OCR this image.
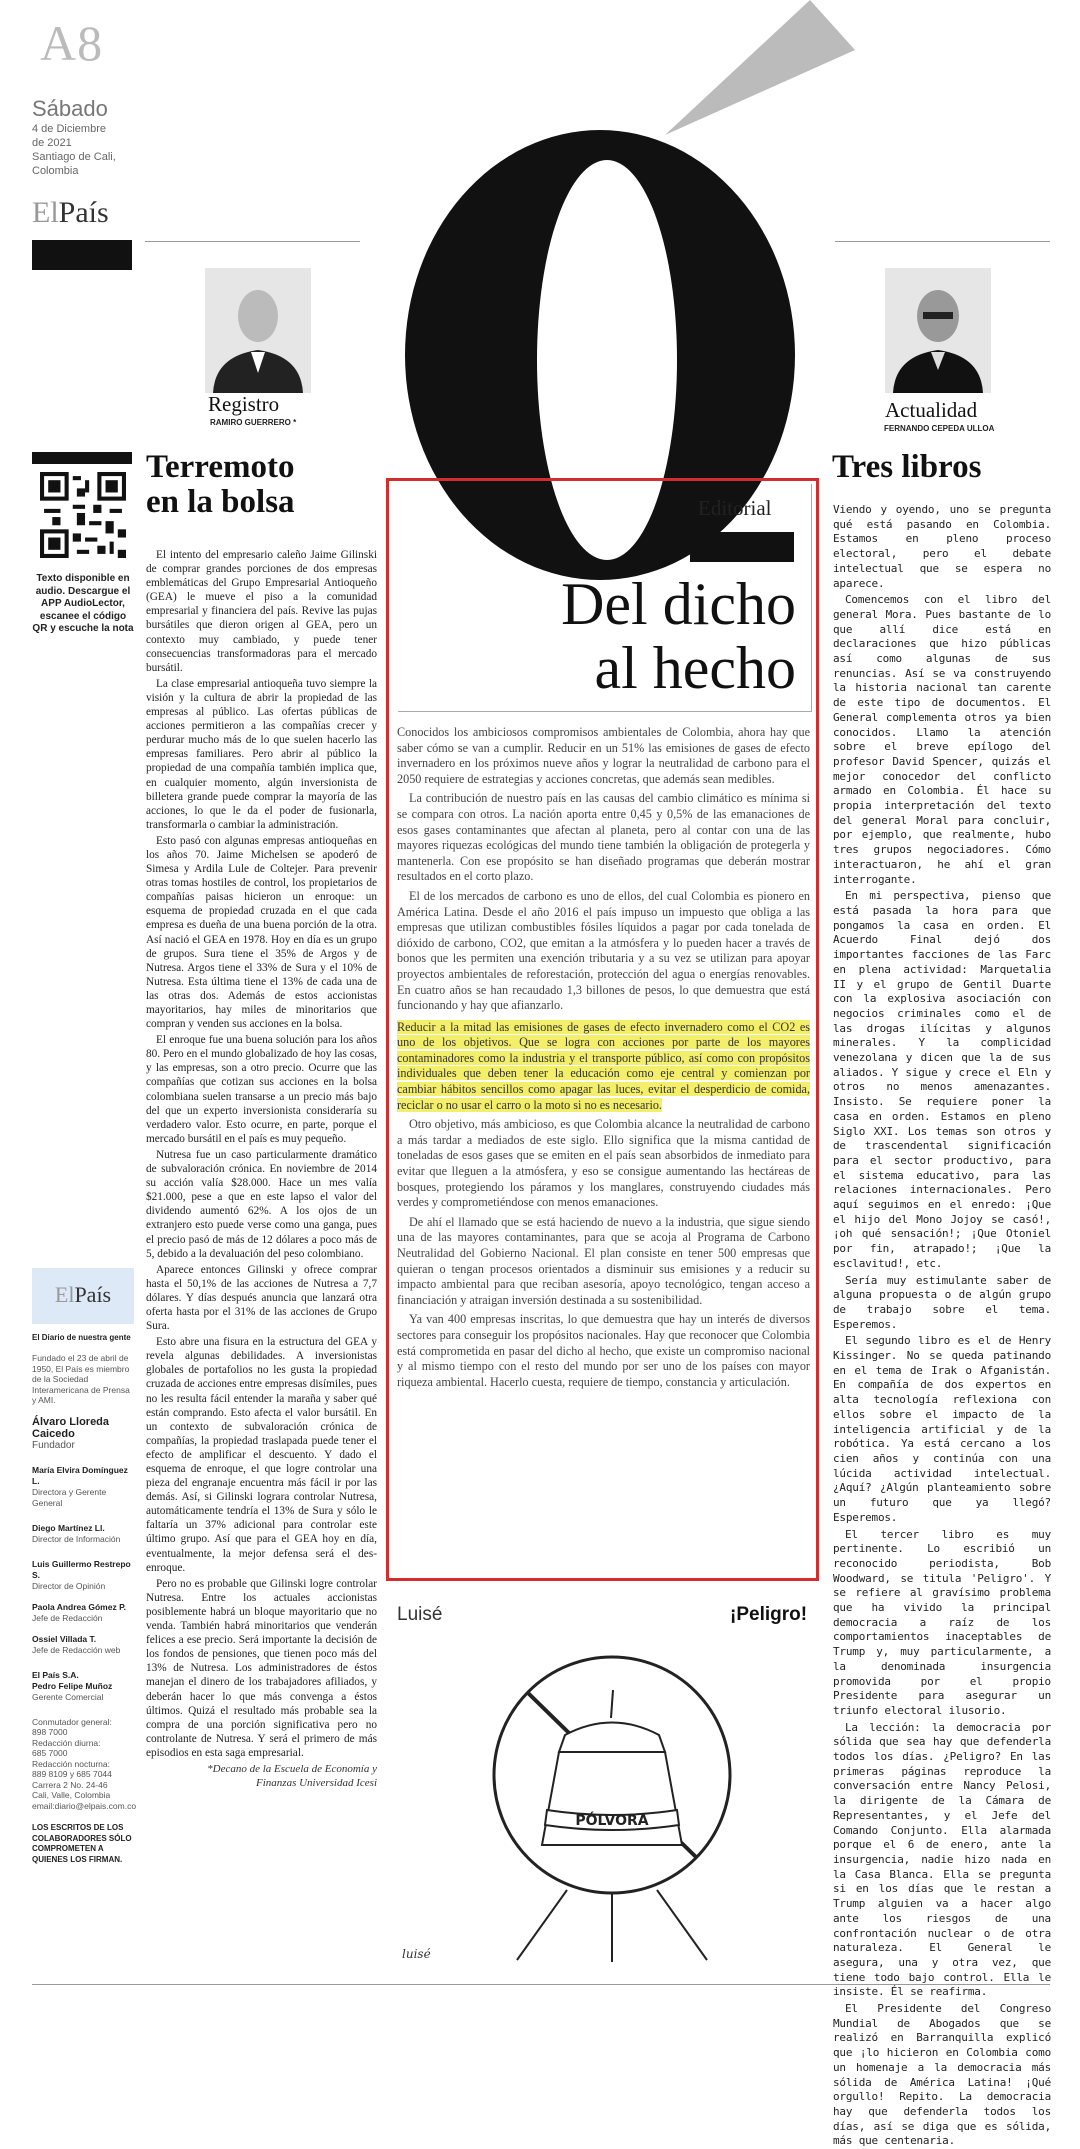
A8
Sábado
4 de Diciembre
de 2021
Santiago de Cali,
Colombia
ElPaís
Registro
RAMIRO GUERRERO *
Actualidad
FERNANDO CEPEDA ULLOA
Texto disponible en audio. Descargue el APP AudioLector, escanee el código QR y escuche la nota
ElPaís
El Diario de nuestra gente
Fundado el 23 de abril de 1950, El País es miembro de la Sociedad Interamericana de Prensa y AMI.
Álvaro Lloreda Caicedo
Fundador
María Elvira Domínguez L.
Directora y Gerente General
Diego Martínez Ll.
Director de Información
Luis Guillermo Restrepo S.
Director de Opinión
Paola Andrea Gómez P.
Jefe de Redacción
Ossiel Villada T.
Jefe de Redacción web
El País S.A.
Pedro Felipe Muñoz
Gerente Comercial
Conmutador general:
898 7000
Redacción diurna:
685 7000
Redacción nocturna:
889 8109 y 685 7044
Carrera 2 No. 24-46
Cali, Valle, Colombia
email:diario@elpais.com.co
LOS ESCRITOS DE LOS COLABORADORES SÓLO COMPROMETEN A QUIENES LOS FIRMAN.
Terremoto
en la bolsa

El intento del empresario caleño Jaime Gilinski de comprar grandes porciones de dos empresas emblemáticas del Grupo Empresarial Antioqueño (GEA) le mueve el piso a la comunidad empresarial y financiera del país. Revive las pujas bursátiles que dieron origen al GEA, pero un contexto muy cambiado, y puede tener consecuencias transformadoras para el mercado bursátil.

La clase empresarial antioqueña tuvo siempre la visión y la cultura de abrir la propiedad de las empresas al público. Las ofertas públicas de acciones permitieron a las compañías crecer y perdurar mucho más de lo que suelen hacerlo las empresas familiares. Pero abrir al público la propiedad de una compañía también implica que, en cualquier momento, algún inversionista de billetera grande puede comprar la mayoría de las acciones, lo que le da el poder de fusionarla, transformarla o cambiar la administración.

Esto pasó con algunas empresas antioqueñas en los años 70. Jaime Michelsen se apoderó de Simesa y Ardila Lule de Coltejer. Para prevenir otras tomas hostiles de control, los propietarios de compañías paisas hicieron un enroque: un esquema de propiedad cruzada en el que cada empresa es dueña de una buena porción de la otra. Así nació el GEA en 1978. Hoy en día es un grupo de grupos. Sura tiene el 35% de Argos y de Nutresa. Argos tiene el 33% de Sura y el 10% de Nutresa. Esta última tiene el 13% de cada una de las otras dos. Además de estos accionistas mayoritarios, hay miles de minoritarios que compran y venden sus acciones en la bolsa.

El enroque fue una buena solución para los años 80. Pero en el mundo globalizado de hoy las cosas, y las empresas, son a otro precio. Ocurre que las compañías que cotizan sus acciones en la bolsa colombiana suelen transarse a un precio más bajo del que un experto inversionista consideraría su verdadero valor. Esto ocurre, en parte, porque el mercado bursátil en el país es muy pequeño.

Nutresa fue un caso particularmente dramático de subvaloración crónica. En noviembre de 2014 su acción valía $28.000. Hace un mes valía $21.000, pese a que en este lapso el valor del dividendo aumentó 62%. A los ojos de un extranjero esto puede verse como una ganga, pues el precio pasó de más de 12 dólares a poco más de 5, debido a la devaluación del peso colombiano.

Aparece entonces Gilinski y ofrece comprar hasta el 50,1% de las acciones de Nutresa a 7,7 dólares. Y días después anuncia que lanzará otra oferta hasta por el 31% de las acciones de Grupo Sura.

Esto abre una fisura en la estructura del GEA y revela algunas debilidades. A inversionistas globales de portafolios no les gusta la propiedad cruzada de acciones entre empresas disímiles, pues no les resulta fácil entender la maraña y saber qué están comprando. Esto afecta el valor bursátil. En un contexto de subvaloración crónica de compañías, la propiedad traslapada puede tener el efecto de amplificar el descuento. Y dado el esquema de enroque, el que logre controlar una pieza del engranaje encuentra más fácil ir por las demás. Así, si Gilinski lograra controlar Nutresa, automáticamente tendría el 13% de Sura y sólo le faltaría un 37% adicional para controlar este último grupo. Así que para el GEA hoy en día, eventualmente, la mejor defensa será el des-enroque.

Pero no es probable que Gilinski logre controlar Nutresa. Entre los actuales accionistas posiblemente habrá un bloque mayoritario que no venda. También habrá minoritarios que venderán felices a ese precio. Será importante la decisión de los fondos de pensiones, que tienen poco más del 13% de Nutresa. Los administradores de éstos manejan el dinero de los trabajadores afiliados, y deberán hacer lo que más convenga a éstos últimos. Quizá el resultado más probable sea la compra de una porción significativa pero no controlante de Nutresa. Y será el primero de más episodios en esta saga empresarial.

*Decano de la Escuela de Economía y
Finanzas Universidad Icesi
Editorial
Del dicho
al hecho

Conocidos los ambiciosos compromisos ambientales de Colombia, ahora hay que saber cómo se van a cumplir. Reducir en un 51% las emisiones de gases de efecto invernadero en los próximos nueve años y lograr la neutralidad de carbono para el 2050 requiere de estrategias y acciones concretas, que además sean medibles.

La contribución de nuestro país en las causas del cambio climático es mínima si se compara con otros. La nación aporta entre 0,45 y 0,5% de las emanaciones de esos gases contaminantes que afectan al planeta, pero al contar con una de las mayores riquezas ecológicas del mundo tiene también la obligación de protegerla y mantenerla. Con ese propósito se han diseñado programas que deberán mostrar resultados en el corto plazo.

El de los mercados de carbono es uno de ellos, del cual Colombia es pionero en América Latina. Desde el año 2016 el país impuso un impuesto que obliga a las empresas que utilizan combustibles fósiles líquidos a pagar por cada tonelada de dióxido de carbono, CO2, que emitan a la atmósfera y lo pueden hacer a través de bonos que les permiten una exención tributaria y a su vez se utilizan para apoyar proyectos ambientales de reforestación, protección del agua o energías renovables. En cuatro años se han recaudado 1,3 billones de pesos, lo que demuestra que está funcionando y hay que afianzarlo.

Reducir a la mitad las emisiones de gases de efecto invernadero como el CO2 es uno de los objetivos. Que se logra con acciones por parte de los mayores contaminadores como la industria y el transporte público, así como con propósitos individuales que deben tener la educación como eje central y comienzan por cambiar hábitos sencillos como apagar las luces, evitar el desperdicio de comida, reciclar o no usar el carro o la moto si no es necesario.

Otro objetivo, más ambicioso, es que Colombia alcance la neutralidad de carbono a más tardar a mediados de este siglo. Ello significa que la misma cantidad de toneladas de esos gases que se emiten en el país sean absorbidos de inmediato para evitar que lleguen a la atmósfera, y eso se consigue aumentando las hectáreas de bosques, protegiendo los páramos y los manglares, construyendo ciudades más verdes y comprometiéndose con menos emanaciones.

De ahí el llamado que se está haciendo de nuevo a la industria, que sigue siendo una de las mayores contaminantes, para que se acoja al Programa de Carbono Neutralidad del Gobierno Nacional. El plan consiste en tener 500 empresas que quieran o tengan procesos orientados a disminuir sus emisiones y a reducir su impacto ambiental para que reciban asesoría, apoyo tecnológico, tengan acceso a financiación y atraigan inversión destinada a su sostenibilidad.

Ya van 400 empresas inscritas, lo que demuestra que hay un interés de diversos sectores para conseguir los propósitos nacionales. Hay que reconocer que Colombia está comprometida en pasar del dicho al hecho, que existe un compromiso nacional y al mismo tiempo con el resto del mundo por ser uno de los países con mayor riqueza ambiental. Hacerlo cuesta, requiere de tiempo, constancia y articulación.

Luisé	¡Peligro!
PÓLVORA
luisé
Tres libros

Viendo y oyendo, uno se pregunta qué está pasando en Colombia. Estamos en pleno proceso electoral, pero el debate intelectual que se espera no aparece.

Comencemos con el libro del general Mora. Pues bastante de lo que allí dice está en declaraciones que hizo públicas así como algunas de sus renuncias. Así se va construyendo la historia nacional tan carente de este tipo de documentos. El General complementa otros ya bien conocidos. Llamo la atención sobre el breve epílogo del profesor David Spencer, quizás el mejor conocedor del conflicto armado en Colombia. Él hace su propia interpretación del texto del general Moral para concluir, por ejemplo, que realmente, hubo tres grupos negociadores. Cómo interactuaron, he ahí el gran interrogante.

En mi perspectiva, pienso que está pasada la hora para que pongamos la casa en orden. El Acuerdo Final dejó dos importantes facciones de las Farc en plena actividad: Marquetalia II y el grupo de Gentil Duarte con la explosiva asociación con negocios criminales como el de las drogas ilícitas y algunos minerales. Y la complicidad venezolana y dicen que la de sus aliados. Y sigue y crece el Eln y otros no menos amenazantes. Insisto. Se requiere poner la casa en orden. Estamos en pleno Siglo XXI. Los temas son otros y de trascendental significación para el sector productivo, para el sistema educativo, para las relaciones internacionales. Pero aquí seguimos en el enredo: ¡Que el hijo del Mono Jojoy se casó!, ¡oh qué sensación!; ¡Que Otoniel por fin, atrapado!; ¡Que la esclavitud!, etc.

Sería muy estimulante saber de alguna propuesta o de algún grupo de trabajo sobre el tema. Esperemos.

El segundo libro es el de Henry Kissinger. No se queda patinando en el tema de Irak o Afganistán. En compañía de dos expertos en alta tecnología reflexiona con ellos sobre el impacto de la inteligencia artificial y de la robótica. Ya está cercano a los cien años y continúa con una lúcida actividad intelectual. ¿Aquí? ¿Algún planteamiento sobre un futuro que ya llegó? Esperemos.

El tercer libro es muy pertinente. Lo escribió un reconocido periodista, Bob Woodward, se titula 'Peligro'. Y se refiere al gravísimo problema que ha vivido la principal democracia a raíz de los comportamientos inaceptables de Trump y, muy particularmente, a la denominada insurgencia promovida por el propio Presidente para asegurar un triunfo electoral ilusorio.

La lección: la democracia por sólida que sea hay que defenderla todos los días. ¿Peligro? En las primeras páginas reproduce la conversación entre Nancy Pelosi, la dirigente de la Cámara de Representantes, y el Jefe del Comando Conjunto. Ella alarmada porque el 6 de enero, ante la insurgencia, nadie hizo nada en la Casa Blanca. Ella se pregunta si en los días que le restan a Trump alguien va a hacer algo ante los riesgos de una confrontación nuclear o de otra naturaleza. El General le asegura, una y otra vez, que tiene todo bajo control. Ella le insiste. Él se reafirma.

El Presidente del Congreso Mundial de Abogados que se realizó en Barranquilla explicó que ¡lo hicieron en Colombia como un homenaje a la democracia más sólida de América Latina! ¡Qué orgullo! Repito. La democracia hay que defenderla todos los días, así se diga que es sólida, más que centenaria.
